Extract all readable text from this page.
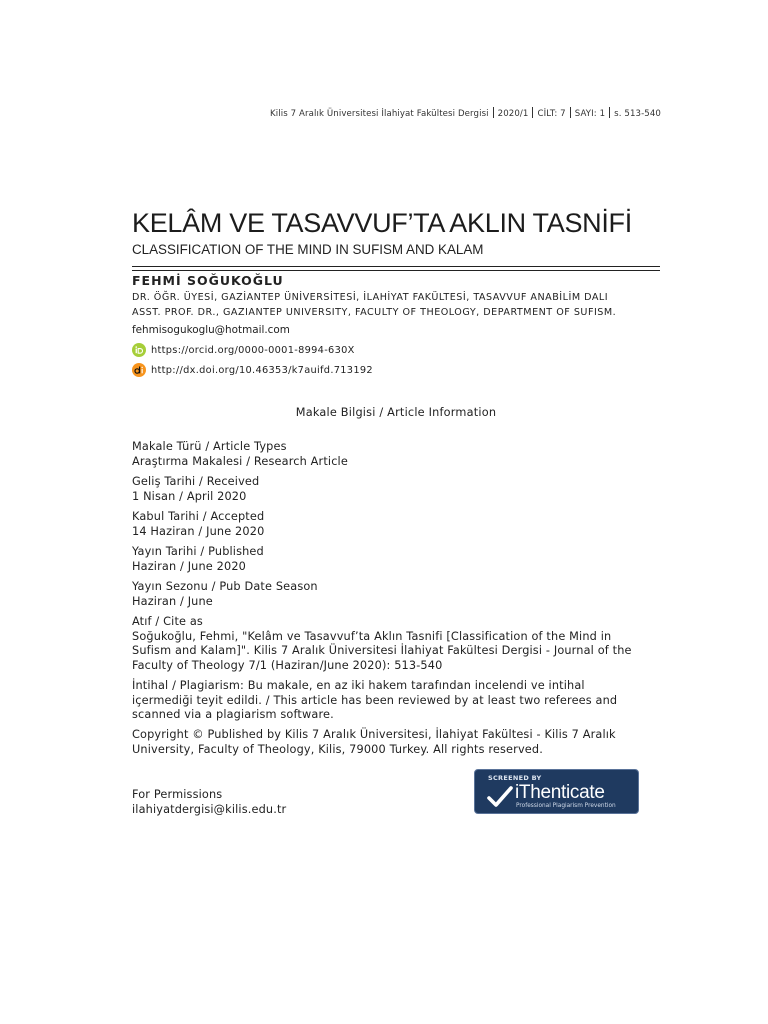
Kilis 7 Aralık Üniversitesi İlahiyat Fakültesi Dergisi 2020/1 CİLT: 7 SAYI: 1 s. 513-540
KELÂM VE TASAVVUF’TA AKLIN TASNİFİ
CLASSIFICATION OF THE MIND IN SUFISM AND KALAM
FEHMİ SOĞUKOĞLU
DR. ÖĞR. ÜYESİ, GAZİANTEP ÜNİVERSİTESİ, İLAHİYAT FAKÜLTESİ, TASAVVUF ANABİLİM DALI
ASST. PROF. DR., GAZIANTEP UNIVERSITY, FACULTY OF THEOLOGY, DEPARTMENT OF SUFISM.
fehmisogukoglu@hotmail.com
https://orcid.org/0000-0001-8994-630X
http://dx.doi.org/10.46353/k7auifd.713192
Makale Bilgisi / Article Information
Makale Türü / Article Types
Araştırma Makalesi / Research Article
Geliş Tarihi / Received
1 Nisan / April 2020
Kabul Tarihi / Accepted
14 Haziran / June 2020
Yayın Tarihi / Published
Haziran / June 2020
Yayın Sezonu / Pub Date Season
Haziran / June
Atıf / Cite as
Soğukoğlu, Fehmi, "Kelâm ve Tasavvuf’ta Aklın Tasnifi [Classification of the Mind in
Sufism and Kalam]". Kilis 7 Aralık Üniversitesi İlahiyat Fakültesi Dergisi - Journal of the
Faculty of Theology 7/1 (Haziran/June 2020): 513-540
İntihal / Plagiarism: Bu makale, en az iki hakem tarafından incelendi ve intihal
içermediği teyit edildi. / This article has been reviewed by at least two referees and
scanned via a plagiarism software.
Copyright © Published by Kilis 7 Aralık Üniversitesi, İlahiyat Fakültesi - Kilis 7 Aralık
University, Faculty of Theology, Kilis, 79000 Turkey. All rights reserved.
For Permissions
ilahiyatdergisi@kilis.edu.tr
SCREENED BY
iThenticate
Professional Plagiarism Prevention
